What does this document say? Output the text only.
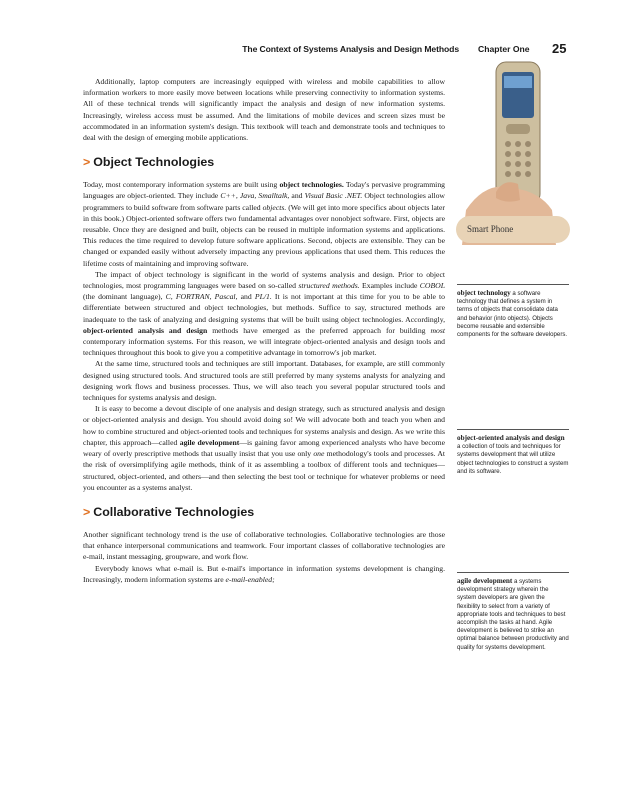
The Context of Systems Analysis and Design Methods Chapter One 25

Additionally, laptop computers are increasingly equipped with wireless and mobile capabilities to allow information workers to more easily move between locations while preserving connectivity to information systems. All of these technical trends will significantly impact the analysis and design of new information systems. Increasingly, wireless access must be assumed. And the limitations of mobile devices and screen sizes must be accommodated in an information system's design. This textbook will teach and demonstrate tools and techniques to deal with the design of emerging mobile applications.

> Object Technologies

Today, most contemporary information systems are built using object technologies. Today's pervasive programming languages are object-oriented. They include C++, Java, Smalltalk, and Visual Basic .NET. Object technologies allow programmers to build software from software parts called objects. (We will get into more specifics about objects later in this book.) Object-oriented software offers two fundamental advantages over nonobject software. First, objects are reusable. Once they are designed and built, objects can be reused in multiple information systems and applications. This reduces the time required to develop future software applications. Second, objects are extensible. They can be changed or expanded easily without adversely impacting any previous applications that used them. This reduces the lifetime costs of maintaining and improving software.

The impact of object technology is significant in the world of systems analysis and design. Prior to object technologies, most programming languages were based on so-called structured methods. Examples include COBOL (the dominant language), C, FORTRAN, Pascal, and PL/1. It is not important at this time for you to be able to differentiate between structured and object technologies, but methods. Suffice to say, structured methods are inadequate to the task of analyzing and designing systems that will be built using object technologies. Accordingly, object-oriented analysis and design methods have emerged as the preferred approach for building most contemporary information systems. For this reason, we will integrate object-oriented analysis and design tools and techniques throughout this book to give you a competitive advantage in tomorrow's job market.

At the same time, structured tools and techniques are still important. Databases, for example, are still commonly designed using structured tools. And structured tools are still preferred by many systems analysts for analyzing and designing work flows and business processes. Thus, we will also teach you several popular structured tools and techniques for systems analysis and design.

It is easy to become a devout disciple of one analysis and design strategy, such as structured analysis and design or object-oriented analysis and design. You should avoid doing so! We will advocate both and teach you when and how to combine structured and object-oriented tools and techniques for systems analysis and design. As we write this chapter, this approach—called agile development—is gaining favor among experienced analysts who have become weary of overly prescriptive methods that usually insist that you use only one methodology's tools and processes. At the risk of oversimplifying agile methods, think of it as assembling a toolbox of different tools and techniques—structured, object-oriented, and others—and then selecting the best tool or technique for whatever problems or need you encounter as a systems analyst.

> Collaborative Technologies

Another significant technology trend is the use of collaborative technologies. Collaborative technologies are those that enhance interpersonal communications and teamwork. Four important classes of collaborative technologies are e-mail, instant messaging, groupware, and work flow.

Everybody knows what e-mail is. But e-mail's importance in information systems development is changing. Increasingly, modern information systems are e-mail-enabled;

Smart Phone
object technology a software technology that defines a system in terms of objects that consolidate data and behavior (into objects). Objects become reusable and extensible components for the software developers.
object-oriented analysis and design a collection of tools and techniques for systems development that will utilize object technologies to construct a system and its software.
agile development a systems development strategy wherein the system developers are given the flexibility to select from a variety of appropriate tools and techniques to best accomplish the tasks at hand. Agile development is believed to strike an optimal balance between productivity and quality for systems development.
